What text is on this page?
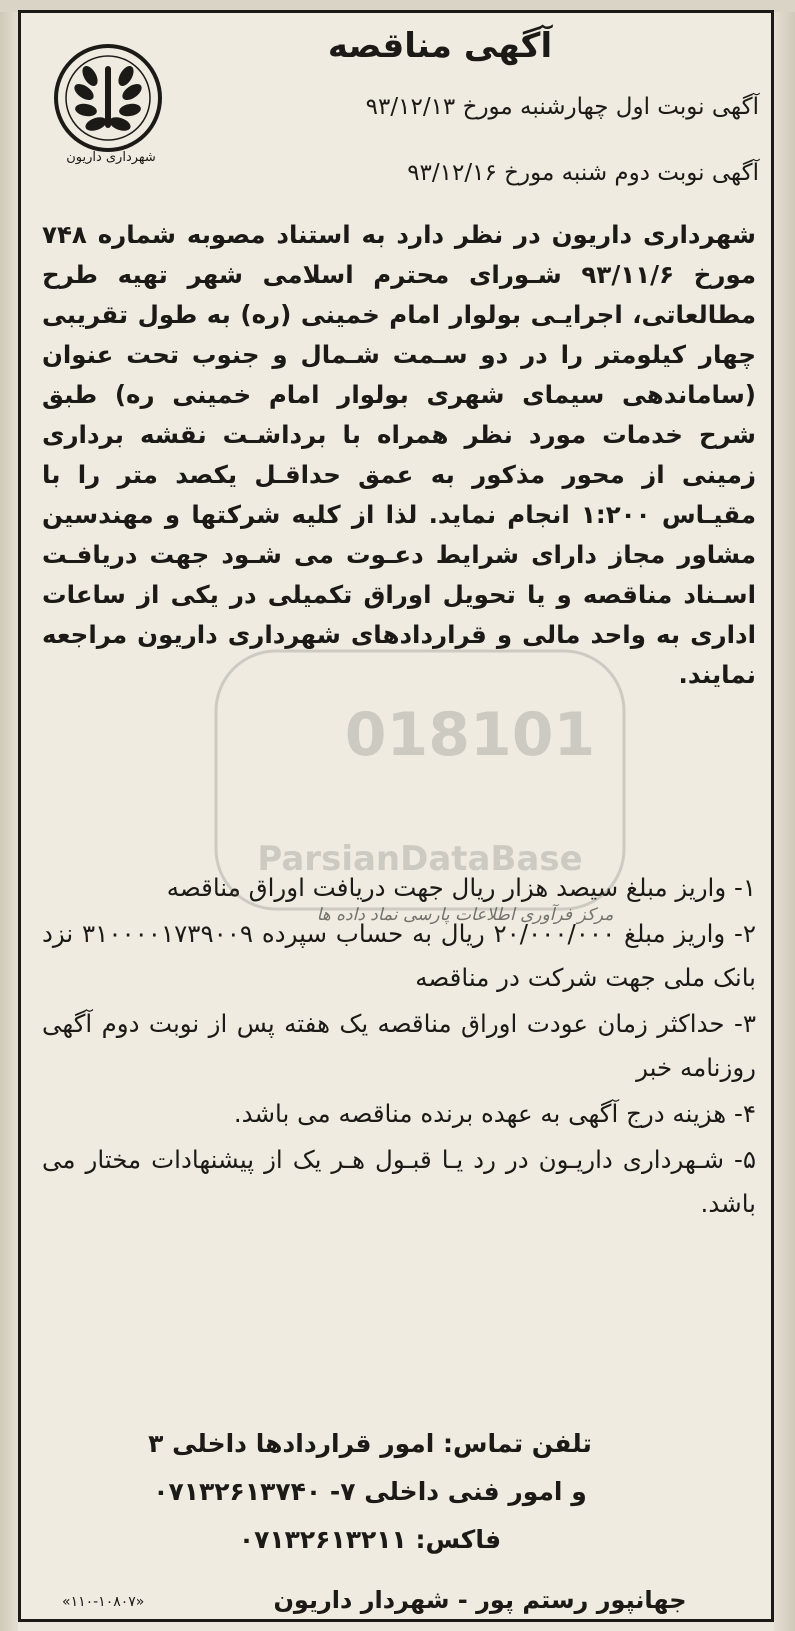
شهرداری داریون
آگهی مناقصه
آگهی نوبت اول چهارشنبه مورخ ۹۳/۱۲/۱۳
آگهی نوبت دوم شنبه مورخ ۹۳/۱۲/۱۶

شهرداری داریون در نظر دارد به استناد مصوبه شماره ۷۴۸ مورخ ۹۳/۱۱/۶ شـورای محترم اسلامی شهر تهیه طرح مطالعاتی، اجرایـی بولوار امام خمینی (ره) به طول تقریبی چهار کیلومتر را در دو سـمت شـمال و جنوب تحت عنوان (ساماندهی سیمای شهری بولوار امام خمینی ره) طبق شرح خدمات مورد نظر همراه با برداشـت نقشه برداری زمینی از محور مذکور به عمق حداقـل یکصد متر را با مقیـاس ۱:۲۰۰ انجام نماید. لذا از کلیه شرکتها و مهندسین مشاور مجاز دارای شرایط دعـوت می شـود جهت دریافـت اسـناد مناقصه و یا تحویل اوراق تکمیلی در یکی از ساعات اداری به واحد مالی و قراردادهای شهرداری داریون مراجعه نمایند.

۱- واریز مبلغ سیصد هزار ریال جهت دریافت اوراق مناقصه

۲- واریز مبلغ ۲۰/۰۰۰/۰۰۰ ریال به حساب سپرده ۳۱۰۰۰۰۱۷۳۹۰۰۹ نزد بانک ملی جهت شرکت در مناقصه

۳- حداکثر زمان عودت اوراق مناقصه یک هفته پس از نوبت دوم آگهی روزنامه خبر

۴- هزینه درج آگهی به عهده برنده مناقصه می باشد.

۵- شـهرداری داریـون در رد یـا قبـول هـر یک از پیشنهادات مختار می باشد.

تلفن تماس: امور قراردادها داخلی ۳
و امور فنی داخلی ۷- ۰۷۱۳۲۶۱۳۷۴۰
فاکس: ۰۷۱۳۲۶۱۳۲۱۱
جهانپور رستم پور - شهردار داریون
«۱۱۰-۱۰۸۰۷»
018101
ParsianDataBase
مرکز فرآوری اطلاعات پارسی نماد داده ها
